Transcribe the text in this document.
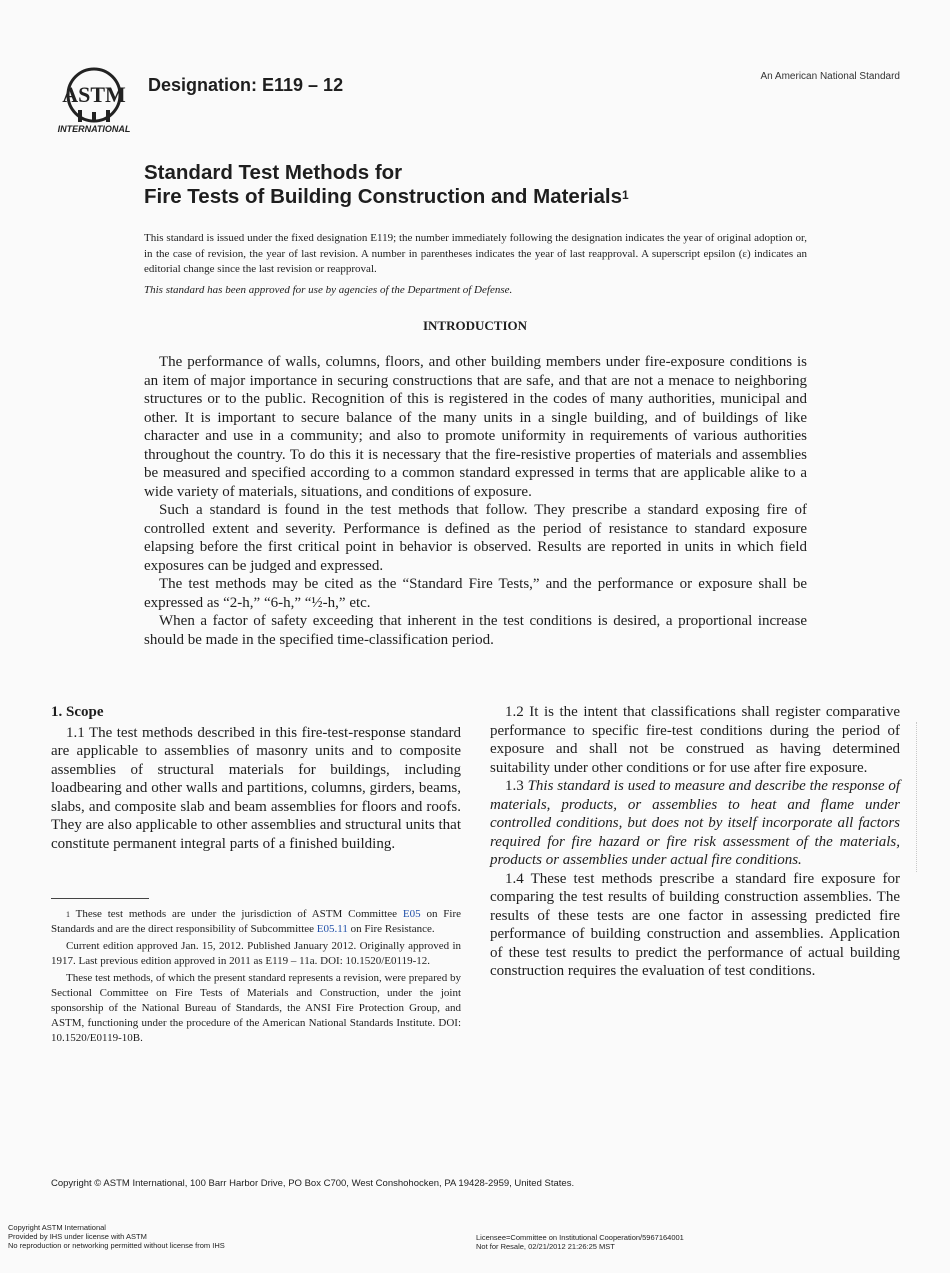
ASTM
INTERNATIONAL
Designation: E119 – 12	An American National Standard
Standard Test Methods for
Fire Tests of Building Construction and Materials$^1$
This standard is issued under the fixed designation E119; the number immediately following the designation indicates the year of original adoption or, in the case of revision, the year of last revision. A number in parentheses indicates the year of last reapproval. A superscript epsilon (ε) indicates an editorial change since the last revision or reapproval.
This standard has been approved for use by agencies of the Department of Defense.
INTRODUCTION

The performance of walls, columns, floors, and other building members under fire-exposure conditions is an item of major importance in securing constructions that are safe, and that are not a menace to neighboring structures or to the public. Recognition of this is registered in the codes of many authorities, municipal and other. It is important to secure balance of the many units in a single building, and of buildings of like character and use in a community; and also to promote uniformity in requirements of various authorities throughout the country. To do this it is necessary that the fire-resistive properties of materials and assemblies be measured and specified according to a common standard expressed in terms that are applicable alike to a wide variety of materials, situations, and conditions of exposure.

Such a standard is found in the test methods that follow. They prescribe a standard exposing fire of controlled extent and severity. Performance is defined as the period of resistance to standard exposure elapsing before the first critical point in behavior is observed. Results are reported in units in which field exposures can be judged and expressed.

The test methods may be cited as the “Standard Fire Tests,” and the performance or exposure shall be expressed as “2-h,” “6-h,” “½-h,” etc.

When a factor of safety exceeding that inherent in the test conditions is desired, a proportional increase should be made in the specified time-classification period.

1. Scope

1.1 The test methods described in this fire-test-response standard are applicable to assemblies of masonry units and to composite assemblies of structural materials for buildings, including loadbearing and other walls and partitions, columns, girders, beams, slabs, and composite slab and beam assemblies for floors and roofs. They are also applicable to other assemblies and structural units that constitute permanent integral parts of a finished building.

$^1$ These test methods are under the jurisdiction of ASTM Committee E05 on Fire Standards and are the direct responsibility of Subcommittee E05.11 on Fire Resistance.

Current edition approved Jan. 15, 2012. Published January 2012. Originally approved in 1917. Last previous edition approved in 2011 as E119 – 11a. DOI: 10.1520/E0119-12.

These test methods, of which the present standard represents a revision, were prepared by Sectional Committee on Fire Tests of Materials and Construction, under the joint sponsorship of the National Bureau of Standards, the ANSI Fire Protection Group, and ASTM, functioning under the procedure of the American National Standards Institute. DOI: 10.1520/E0119-10B.

1.2 It is the intent that classifications shall register comparative performance to specific fire-test conditions during the period of exposure and shall not be construed as having determined suitability under other conditions or for use after fire exposure.

1.3 This standard is used to measure and describe the response of materials, products, or assemblies to heat and flame under controlled conditions, but does not by itself incorporate all factors required for fire hazard or fire risk assessment of the materials, products or assemblies under actual fire conditions.

1.4 These test methods prescribe a standard fire exposure for comparing the test results of building construction assemblies. The results of these tests are one factor in assessing predicted fire performance of building construction and assemblies. Application of these test results to predict the performance of actual building construction requires the evaluation of test conditions.

Copyright © ASTM International, 100 Barr Harbor Drive, PO Box C700, West Conshohocken, PA 19428-2959, United States.
Copyright ASTM International
Provided by IHS under license with ASTM
No reproduction or networking permitted without license from IHS
Licensee=Committee on Institutional Cooperation/5967164001
Not for Resale, 02/21/2012 21:26:25 MST
